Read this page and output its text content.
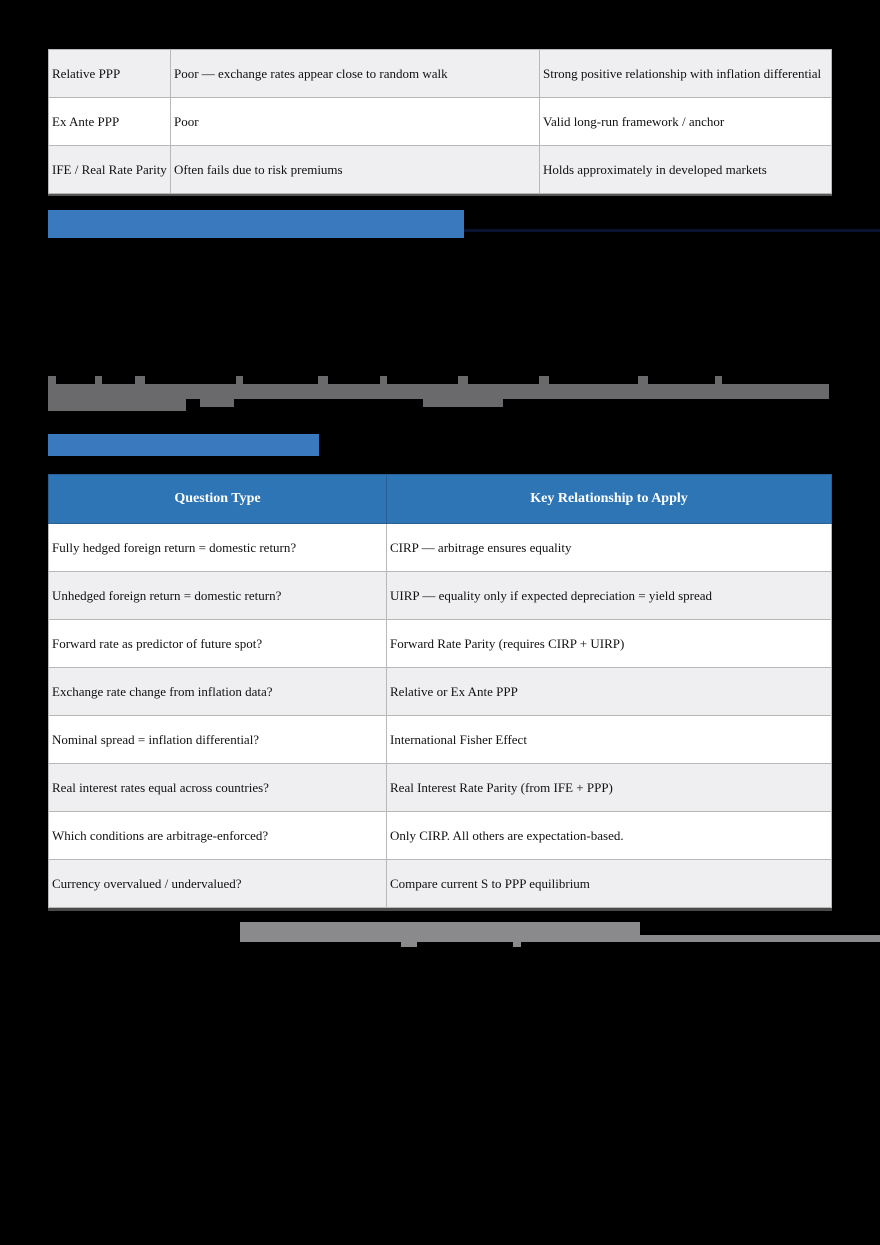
Relative PPP	Poor — exchange rates appear close to random walk	Strong positive relationship with inflation differential
Ex Ante PPP	Poor	Valid long-run framework / anchor
IFE / Real Rate Parity	Often fails due to risk premiums	Holds approximately in developed markets
Question Type	Key Relationship to Apply
Fully hedged foreign return = domestic return?	CIRP — arbitrage ensures equality
Unhedged foreign return = domestic return?	UIRP — equality only if expected depreciation = yield spread
Forward rate as predictor of future spot?	Forward Rate Parity (requires CIRP + UIRP)
Exchange rate change from inflation data?	Relative or Ex Ante PPP
Nominal spread = inflation differential?	International Fisher Effect
Real interest rates equal across countries?	Real Interest Rate Parity (from IFE + PPP)
Which conditions are arbitrage-enforced?	Only CIRP. All others are expectation-based.
Currency overvalued / undervalued?	Compare current S to PPP equilibrium
